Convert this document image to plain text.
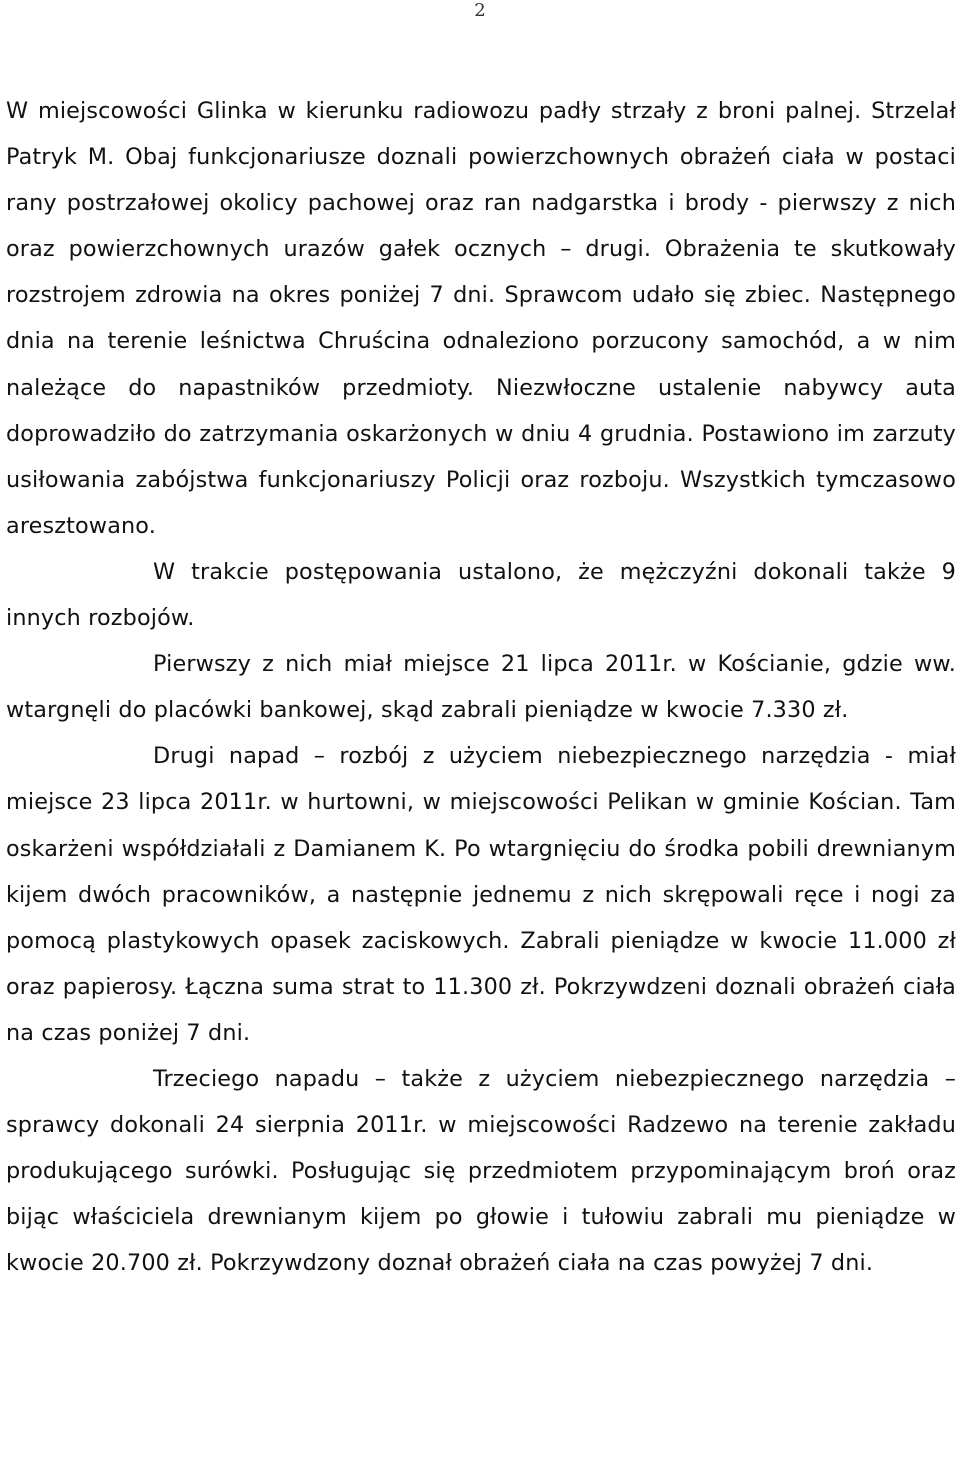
2

W miejscowości Glinka w kierunku radiowozu padły strzały z broni palnej. Strzelał Patryk M. Obaj funkcjonariusze doznali powierzchownych obrażeń ciała w postaci rany postrzałowej okolicy pachowej oraz ran nadgarstka i brody - pierwszy z nich oraz powierzchownych urazów gałek ocznych – drugi. Obrażenia te skutkowały rozstrojem zdrowia na okres poniżej 7 dni. Sprawcom udało się zbiec. Następnego dnia na terenie leśnictwa Chruścina odnaleziono porzucony samochód, a w nim należące do napastników przedmioty. Niezwłoczne ustalenie nabywcy auta doprowadziło do zatrzymania oskarżonych w dniu 4 grudnia. Postawiono im zarzuty usiłowania zabójstwa funkcjonariuszy Policji oraz rozboju. Wszystkich tymczasowo aresztowano.

W trakcie postępowania ustalono, że mężczyźni dokonali także 9 innych rozbojów.

Pierwszy z nich miał miejsce 21 lipca 2011r. w Kościanie, gdzie ww. wtargnęli do placówki bankowej, skąd zabrali pieniądze w kwocie 7.330 zł.

Drugi napad – rozbój z użyciem niebezpiecznego narzędzia - miał miejsce 23 lipca 2011r. w hurtowni, w miejscowości Pelikan w gminie Kościan. Tam oskarżeni współdziałali z Damianem K. Po wtargnięciu do środka pobili drewnianym kijem dwóch pracowników, a następnie jednemu z nich skrępowali ręce i nogi za pomocą plastykowych opasek zaciskowych. Zabrali pieniądze w kwocie 11.000 zł oraz papierosy. Łączna suma strat to 11.300 zł. Pokrzywdzeni doznali obrażeń ciała na czas poniżej 7 dni.

Trzeciego napadu – także z użyciem niebezpiecznego narzędzia – sprawcy dokonali 24 sierpnia 2011r. w miejscowości Radzewo na terenie zakładu produkującego surówki. Posługując się przedmiotem przypominającym broń oraz bijąc właściciela drewnianym kijem po głowie i tułowiu zabrali mu pieniądze w kwocie 20.700 zł. Pokrzywdzony doznał obrażeń ciała na czas powyżej 7 dni.
